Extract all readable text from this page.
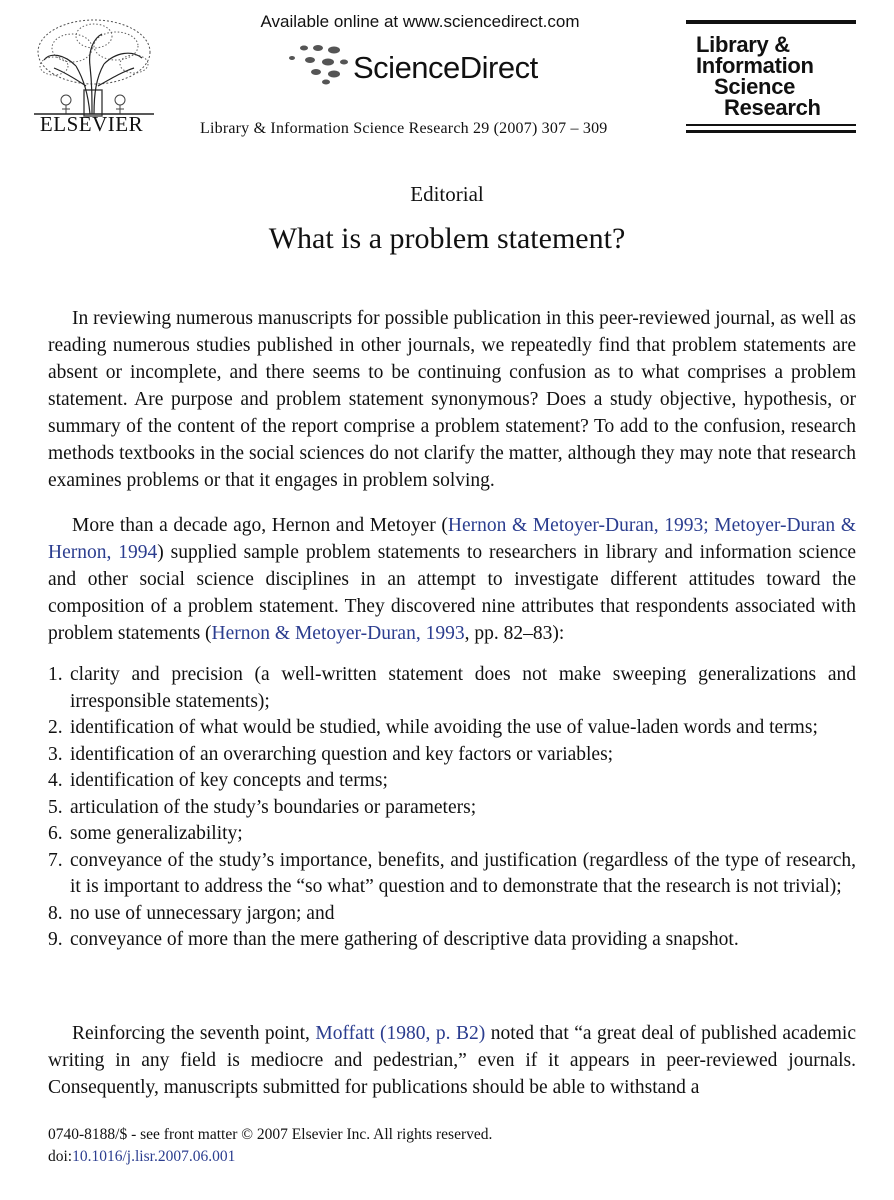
ELSEVIER
Available online at www.sciencedirect.com
ScienceDirect
Library & Information Science Research 29 (2007) 307 – 309
Library &
Information
Science
Research
Editorial
What is a problem statement?
In reviewing numerous manuscripts for possible publication in this peer-reviewed journal, as well as reading numerous studies published in other journals, we repeatedly find that problem statements are absent or incomplete, and there seems to be continuing confusion as to what comprises a problem statement. Are purpose and problem statement synonymous? Does a study objective, hypothesis, or summary of the content of the report comprise a problem statement? To add to the confusion, research methods textbooks in the social sciences do not clarify the matter, although they may note that research examines problems or that it engages in problem solving.
More than a decade ago, Hernon and Metoyer (Hernon & Metoyer-Duran, 1993; Metoyer-Duran & Hernon, 1994) supplied sample problem statements to researchers in library and information science and other social science disciplines in an attempt to investigate different attitudes toward the composition of a problem statement. They discovered nine attributes that respondents associated with problem statements (Hernon & Metoyer-Duran, 1993, pp. 82–83):
1. clarity and precision (a well-written statement does not make sweeping generalizations and irresponsible statements);
2. identification of what would be studied, while avoiding the use of value-laden words and terms;
3. identification of an overarching question and key factors or variables;
4. identification of key concepts and terms;
5. articulation of the study’s boundaries or parameters;
6. some generalizability;
7. conveyance of the study’s importance, benefits, and justification (regardless of the type of research, it is important to address the “so what” question and to demonstrate that the research is not trivial);
8. no use of unnecessary jargon; and
9. conveyance of more than the mere gathering of descriptive data providing a snapshot.
Reinforcing the seventh point, Moffatt (1980, p. B2) noted that “a great deal of published academic writing in any field is mediocre and pedestrian,” even if it appears in peer-reviewed journals. Consequently, manuscripts submitted for publications should be able to withstand a
0740-8188/$ - see front matter © 2007 Elsevier Inc. All rights reserved.
doi:10.1016/j.lisr.2007.06.001
